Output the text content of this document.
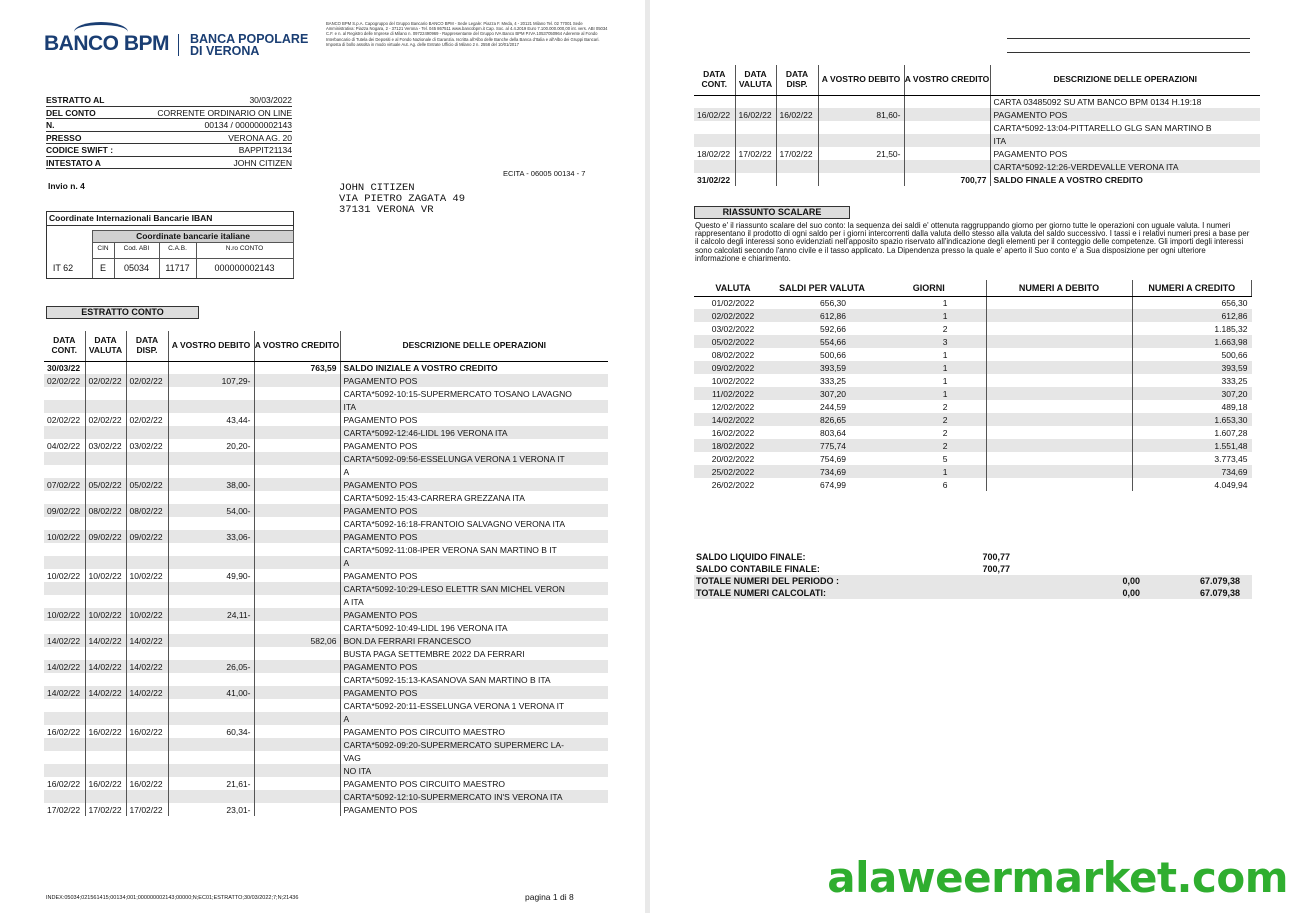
BANCO BPM BANCA POPOLARE
DI VERONA
BANCO BPM S.p.A. Capogruppo del Gruppo Bancario BANCO BPM - Sede Legale: Piazza F. Meda, 4 - 20121 Milano Tel. 02 77001 Sede Amministrativa: Piazza Nogara, 2 - 37121 Verona - Tel. 045 867511 www.bancobpm.it Cap. Soc. al 4.4.2019 Euro 7.100.000.000,00 int. vers. ABI 05034 C.F. e n. al Registro delle Imprese di Milano n. 09722490969 - Rappresentante del Gruppo IVA Banco BPM P.IVA 10537050964 Aderente al Fondo Interbancario di Tutela dei Depositi e al Fondo Nazionale di Garanzia. Iscritta all'Albo delle Banche della Banca d'Italia e all'Albo dei Gruppi Bancari. Imposta di bollo assolta in modo virtuale Aut. Ag. delle Entrate Ufficio di Milano 2 n. 2558 del 10/01/2017
ESTRATTO AL	30/03/2022
DEL CONTO	CORRENTE ORDINARIO ON LINE
N.	00134 / 000000002143
PRESSO	VERONA AG. 20
CODICE SWIFT :	BAPPIT21134
INTESTATO A	JOHN CITIZEN
Invio n. 4
ECITA - 06005 00134 - 7
JOHN CITIZEN
VIA PIETRO ZAGATA 49
37131 VERONA VR
Coordinate Internazionali Bancarie IBAN
Coordinate bancarie italiane
CIN	Cod. ABI	C.A.B.	N.ro CONTO
IT 62	E	05034	11717	000000002143
ESTRATTO CONTO
DATA CONT.	DATA VALUTA	DATA DISP.	A VOSTRO DEBITO	A VOSTRO CREDITO	DESCRIZIONE DELLE OPERAZIONI
30/03/22				763,59	SALDO INIZIALE A VOSTRO CREDITO
02/02/22	02/02/22	02/02/22	107,29-		PAGAMENTO POS
					CARTA*5092-10:15-SUPERMERCATO TOSANO LAVAGNO
					ITA
02/02/22	02/02/22	02/02/22	43,44-		PAGAMENTO POS
					CARTA*5092-12:46-LIDL 196 VERONA ITA
04/02/22	03/02/22	03/02/22	20,20-		PAGAMENTO POS
					CARTA*5092-09:56-ESSELUNGA VERONA 1 VERONA IT
					A
07/02/22	05/02/22	05/02/22	38,00-		PAGAMENTO POS
					CARTA*5092-15:43-CARRERA GREZZANA ITA
09/02/22	08/02/22	08/02/22	54,00-		PAGAMENTO POS
					CARTA*5092-16:18-FRANTOIO SALVAGNO VERONA ITA
10/02/22	09/02/22	09/02/22	33,06-		PAGAMENTO POS
					CARTA*5092-11:08-IPER VERONA SAN MARTINO B IT
					A
10/02/22	10/02/22	10/02/22	49,90-		PAGAMENTO POS
					CARTA*5092-10:29-LESO ELETTR SAN MICHEL VERON
					A ITA
10/02/22	10/02/22	10/02/22	24,11-		PAGAMENTO POS
					CARTA*5092-10:49-LIDL 196 VERONA ITA
14/02/22	14/02/22	14/02/22		582,06	BON.DA FERRARI FRANCESCO
					BUSTA PAGA SETTEMBRE 2022 DA FERRARI
14/02/22	14/02/22	14/02/22	26,05-		PAGAMENTO POS
					CARTA*5092-15:13-KASANOVA SAN MARTINO B ITA
14/02/22	14/02/22	14/02/22	41,00-		PAGAMENTO POS
					CARTA*5092-20:11-ESSELUNGA VERONA 1 VERONA IT
					A
16/02/22	16/02/22	16/02/22	60,34-		PAGAMENTO POS CIRCUITO MAESTRO
					CARTA*5092-09:20-SUPERMERCATO SUPERMERC LA-
					VAG
					NO ITA
16/02/22	16/02/22	16/02/22	21,61-		PAGAMENTO POS CIRCUITO MAESTRO
					CARTA*5092-12:10-SUPERMERCATO IN'S VERONA ITA
17/02/22	17/02/22	17/02/22	23,01-		PAGAMENTO POS
INDEX:05034;021561415;00134;001;000000002143;00000;N;EC01;ESTRATTO;30/03/2022;7;N;21436	pagina 1 di 8
DATA CONT.	DATA VALUTA	DATA DISP.	A VOSTRO DEBITO	A VOSTRO CREDITO	DESCRIZIONE DELLE OPERAZIONI
					CARTA 03485092 SU ATM BANCO BPM 0134 H.19:18
16/02/22	16/02/22	16/02/22	81,60-		PAGAMENTO POS
					CARTA*5092-13:04-PITTARELLO GLG SAN MARTINO B
					ITA
18/02/22	17/02/22	17/02/22	21,50-		PAGAMENTO POS
					CARTA*5092-12:26-VERDEVALLE VERONA ITA
31/02/22				700,77	SALDO FINALE A VOSTRO CREDITO
RIASSUNTO SCALARE
Questo e' il riassunto scalare del suo conto: la sequenza dei saldi e' ottenuta raggruppando giorno per giorno tutte le operazioni con uguale valuta. I numeri rappresentano il prodotto di ogni saldo per i giorni intercorrenti dalla valuta dello stesso alla valuta del saldo successivo. I tassi e i relativi numeri presi a base per il calcolo degli interessi sono evidenziati nell'apposito spazio riservato all'indicazione degli elementi per il conteggio delle competenze. Gli importi degli interessi sono calcolati secondo l'anno civile e il tasso applicato. La Dipendenza presso la quale e' aperto il Suo conto e' a Sua disposizione per ogni ulteriore informazione e chiarimento.
VALUTA	SALDI PER VALUTA	GIORNI	NUMERI A DEBITO	NUMERI A CREDITO
01/02/2022	656,30	1		656,30
02/02/2022	612,86	1		612,86
03/02/2022	592,66	2		1.185,32
05/02/2022	554,66	3		1.663,98
08/02/2022	500,66	1		500,66
09/02/2022	393,59	1		393,59
10/02/2022	333,25	1		333,25
11/02/2022	307,20	1		307,20
12/02/2022	244,59	2		489,18
14/02/2022	826,65	2		1.653,30
16/02/2022	803,64	2		1.607,28
18/02/2022	775,74	2		1.551,48
20/02/2022	754,69	5		3.773,45
25/02/2022	734,69	1		734,69
26/02/2022	674,99	6		4.049,94
SALDO LIQUIDO FINALE:	700,77		
SALDO CONTABILE FINALE:	700,77		
TOTALE NUMERI DEL PERIODO :		0,00	67.079,38
TOTALE NUMERI CALCOLATI:		0,00	67.079,38
alaweermarket.com
